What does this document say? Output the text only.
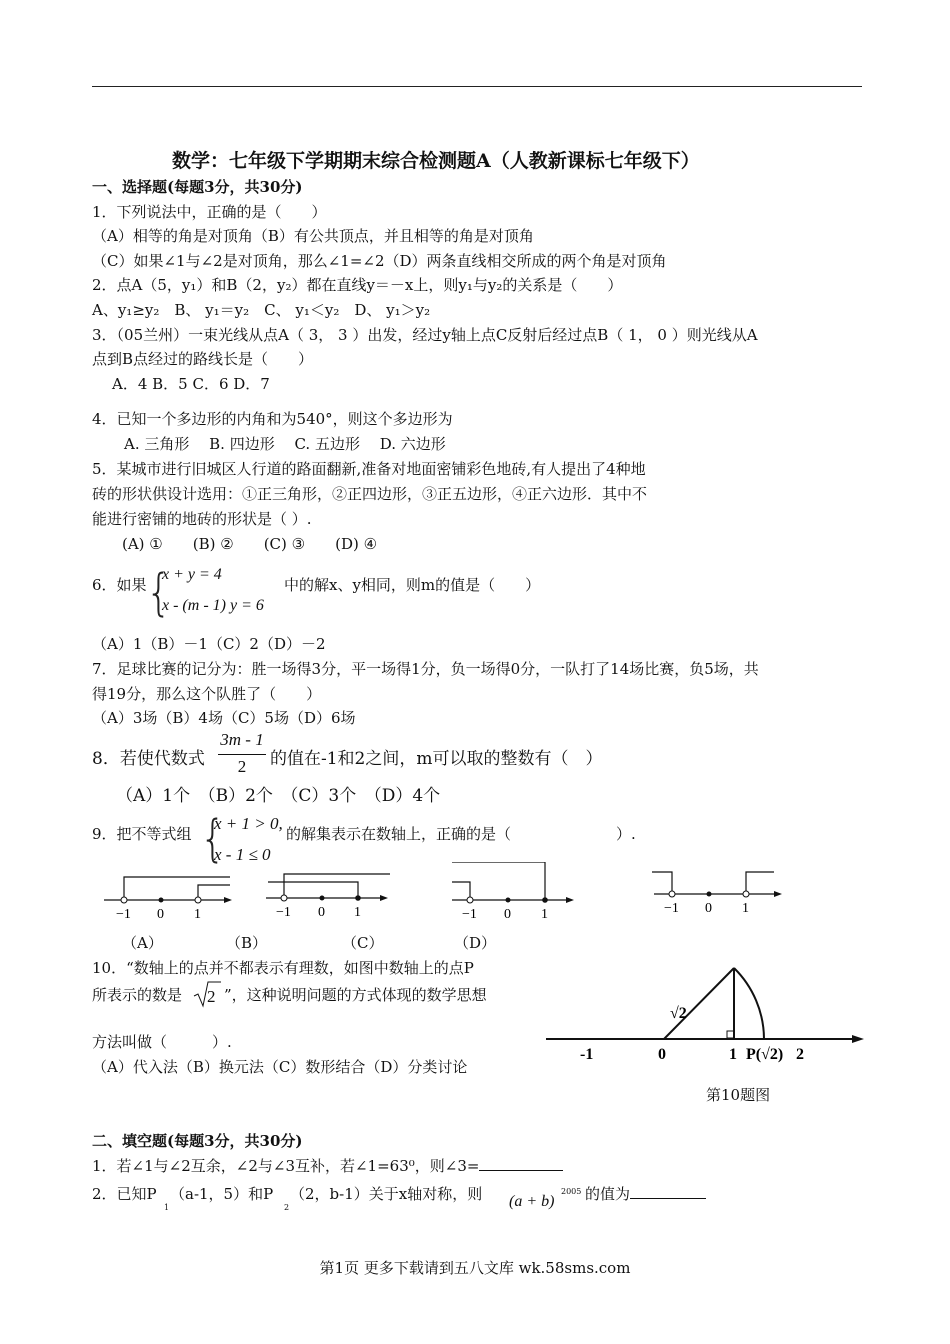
数学：七年级下学期期末综合检测题A（人教新课标七年级下）
一、选择题(每题3分，共30分)
1．下列说法中，正确的是（　　）
（A）相等的角是对顶角（B）有公共顶点，并且相等的角是对顶角
（C）如果∠1与∠2是对顶角，那么∠1=∠2（D）两条直线相交所成的两个角是对顶角
2．点A（5，y₁）和B（2，y₂）都在直线y＝－x上，则y₁与y₂的关系是（　　）
A、y₁≥y₂　B、 y₁＝y₂　C、 y₁＜y₂　D、 y₁＞y₂
3．（05兰州）一束光线从点A（ 3， 3 ）出发，经过y轴上点C反射后经过点B（ 1， 0 ）则光线从A
点到B点经过的路线长是（　　）
A．4 B．5 C．6 D．7
4．已知一个多边形的内角和为540°，则这个多边形为
A. 三角形　 B. 四边形　 C. 五边形　 D. 六边形
5．某城市进行旧城区人行道的路面翻新,准备对地面密铺彩色地砖,有人提出了4种地
砖的形状供设计选用：①正三角形，②正四边形，③正五边形，④正六边形．其中不
能进行密铺的地砖的形状是（ ）.
(A) ①　　(B) ②　　(C) ③　　(D) ④
6．如果 {
x + y = 4
x - (m - 1) y = 6
中的解x、y相同，则m的值是（　　）
（A）1（B）－1（C）2（D）－2
7．足球比赛的记分为：胜一场得3分，平一场得1分，负一场得0分，一队打了14场比赛，负5场，共
得19分，那么这个队胜了（　　）
（A）3场（B）4场（C）5场（D）6场
8．若使代数式
3m - 1
2	的值在-1和2之间，m可以取的整数有（　）
（A）1个　（B）2个　（C）3个　（D）4个
9．把不等式组 {
x + 1 > 0,
x - 1 ≤ 0
的解集表示在数轴上，正确的是（　　　　　　　）.
−1 0 1	−1 0 1	−1 0 1	−1 0 1
（A）	（B）	（C）	（D）
10．“数轴上的点并不都表示有理数，如图中数轴上的点P
所表示的数是 2 ”，这种说明问题的方式体现的数学思想
方法叫做（　　　）.
（A）代入法（B）换元法（C）数形结合（D）分类讨论
√2
-1	0	1 P(√2) 2
第10题图
二、填空题(每题3分，共30分)
1．若∠1与∠2互余，∠2与∠3互补，若∠1=63⁰，则∠3=
2．已知P
1
（a-1，5）和P
2
（2，b-1）关于x轴对称，则 (a + b)
2005 的值为
第1页 更多下载请到五八文库 wk.58sms.com
